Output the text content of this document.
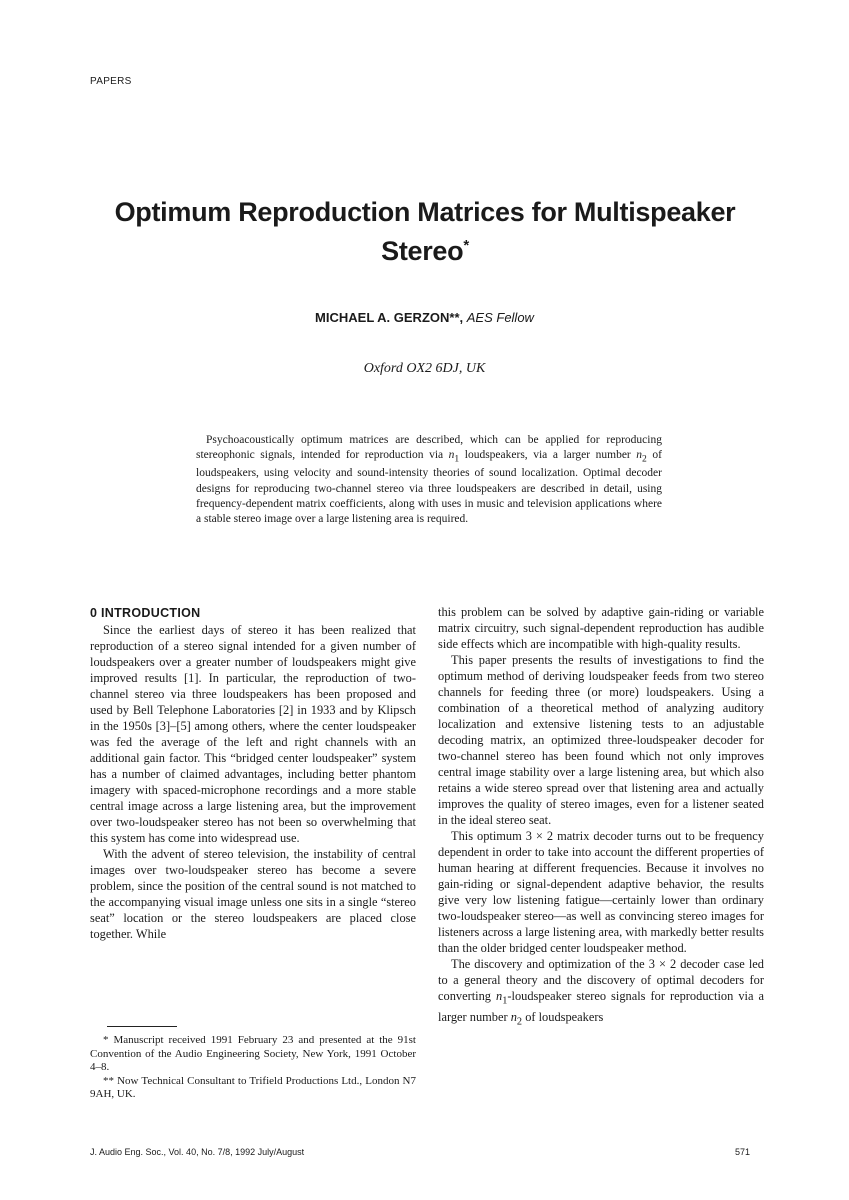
PAPERS
Optimum Reproduction Matrices for Multispeaker
Stereo*
MICHAEL A. GERZON**, AES Fellow
Oxford OX2 6DJ, UK
Psychoacoustically optimum matrices are described, which can be applied for reproducing stereophonic signals, intended for reproduction via $n_1$ loudspeakers, via a larger number $n_2$ of loudspeakers, using velocity and sound-intensity theories of sound localization. Optimal decoder designs for reproducing two-channel stereo via three loudspeakers are described in detail, using frequency-dependent matrix coefficients, along with uses in music and television applications where a stable stereo image over a large listening area is required.
0 INTRODUCTION

Since the earliest days of stereo it has been realized that reproduction of a stereo signal intended for a given number of loudspeakers over a greater number of loudspeakers might give improved results [1]. In particular, the reproduction of two-channel stereo via three loudspeakers has been proposed and used by Bell Telephone Laboratories [2] in 1933 and by Klipsch in the 1950s [3]–[5] among others, where the center loudspeaker was fed the average of the left and right channels with an additional gain factor. This “bridged center loudspeaker” system has a number of claimed advantages, including better phantom imagery with spaced-microphone recordings and a more stable central image across a large listening area, but the improvement over two-loudspeaker stereo has not been so overwhelming that this system has come into widespread use.

With the advent of stereo television, the instability of central images over two-loudspeaker stereo has become a severe problem, since the position of the central sound is not matched to the accompanying visual image unless one sits in a single “stereo seat” location or the stereo loudspeakers are placed close together. While

this problem can be solved by adaptive gain-riding or variable matrix circuitry, such signal-dependent reproduction has audible side effects which are incompatible with high-quality results.

This paper presents the results of investigations to find the optimum method of deriving loudspeaker feeds from two stereo channels for feeding three (or more) loudspeakers. Using a combination of a theoretical method of analyzing auditory localization and extensive listening tests to an adjustable decoding matrix, an optimized three-loudspeaker decoder for two-channel stereo has been found which not only improves central image stability over a large listening area, but which also retains a wide stereo spread over that listening area and actually improves the quality of stereo images, even for a listener seated in the ideal stereo seat.

This optimum 3 × 2 matrix decoder turns out to be frequency dependent in order to take into account the different properties of human hearing at different frequencies. Because it involves no gain-riding or signal-dependent adaptive behavior, the results give very low listening fatigue—certainly lower than ordinary two-loudspeaker stereo—as well as convincing stereo images for listeners across a large listening area, with markedly better results than the older bridged center loudspeaker method.

The discovery and optimization of the 3 × 2 decoder case led to a general theory and the discovery of optimal decoders for converting $n_1$-loudspeaker stereo signals for reproduction via a larger number $n_2$ of loudspeakers

* Manuscript received 1991 February 23 and presented at the 91st Convention of the Audio Engineering Society, New York, 1991 October 4–8.

** Now Technical Consultant to Trifield Productions Ltd., London N7 9AH, UK.

J. Audio Eng. Soc., Vol. 40, No. 7/8, 1992 July/August	571
